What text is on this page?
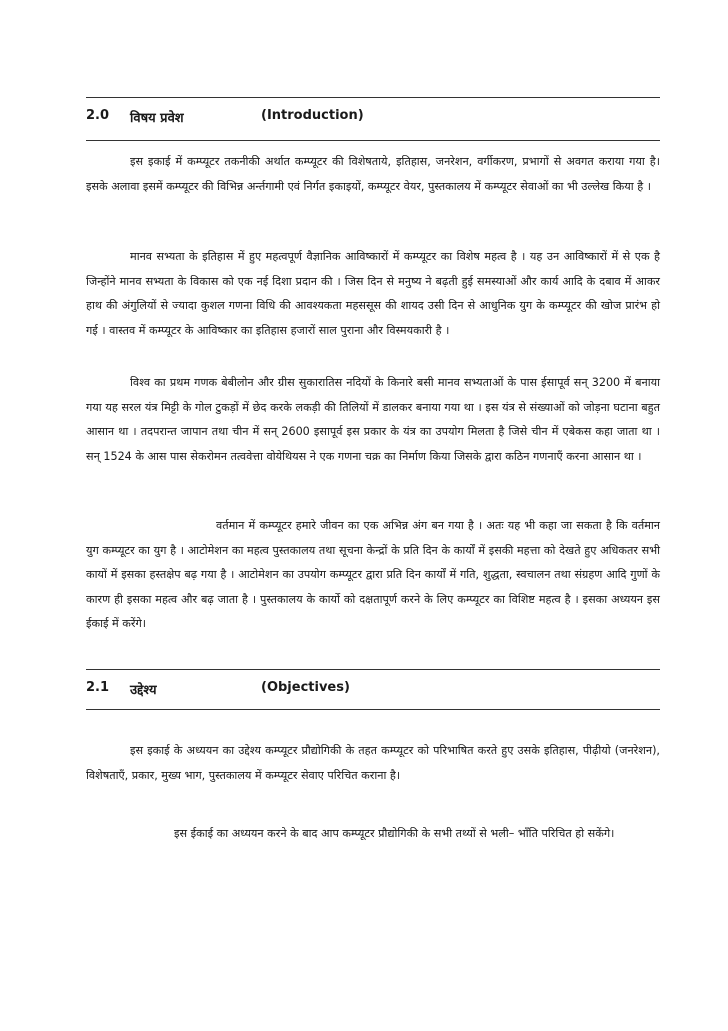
2.0 विषय प्रवेश	(Introduction)

इस इकाई में कम्प्यूटर तकनीकी अर्थात कम्प्यूटर की विशेषताये, इतिहास, जनरेशन, वर्गीकरण, प्रभागों से अवगत कराया गया है। इसके अलावा इसमें कम्प्यूटर की विभिन्न अर्न्तगामी एवं निर्गत इकाइयों, कम्प्यूटर वेयर, पुस्तकालय में कम्प्यूटर सेवाओं का भी उल्लेख किया है ।

मानव सभ्यता के इतिहास में हुए महत्वपूर्ण वैज्ञानिक आविष्कारों में कम्प्यूटर का विशेष महत्व है । यह उन आविष्कारों में से एक है जिन्होंने मानव सभ्यता के विकास को एक नई दिशा प्रदान की । जिस दिन से मनुष्य ने बढ़ती हुई समस्याओं और कार्य आदि के दबाव में आकर हाथ की अंगुलियों से ज्यादा कुशल गणना विधि की आवश्यकता महससूस की शायद उसी दिन से आधुनिक युग के कम्प्यूटर की खोज प्रारंभ हो गई । वास्तव में कम्प्यूटर के आविष्कार का इतिहास हजारों साल पुराना और विस्मयकारी है ।

विश्व का प्रथम गणक बेबीलोन और ग्रीस सुकारातिस नदियों के किनारे बसी मानव सभ्यताओं के पास ईसापूर्व सन् 3200 में बनाया गया यह सरल यंत्र मिट्टी के गोल टुकड़ों में छेद करके लकड़ी की तिलियों में डालकर बनाया गया था । इस यंत्र से संख्याओं को जोड़ना घटाना बहुत आसान था । तदपरान्त जापान तथा चीन में सन् 2600 इसापूर्व इस प्रकार के यंत्र का उपयोग मिलता है जिसे चीन में एबेकस कहा जाता था । सन् 1524 के आस पास सेकरोमन तत्ववेत्ता वोयेथियस ने एक गणना चक्र का निर्माण किया जिसके द्वारा कठिन गणनाएँ करना आसान था ।

वर्तमान में कम्प्यूटर हमारे जीवन का एक अभिन्न अंग बन गया है । अतः यह भी कहा जा सकता है कि वर्तमान युग कम्प्यूटर का युग है । आटोमेशन का महत्व पुस्तकालय तथा सूचना केन्द्रों के प्रति दिन के कार्यों में इसकी महत्ता को देखते हुए अधिकतर सभी कायों में इसका हस्तक्षेप बढ़ गया है । आटोमेशन का उपयोग कम्प्यूटर द्वारा प्रति दिन कार्यों में गति, शुद्धता, स्वचालन तथा संग्रहण आदि गुणों के कारण ही इसका महत्व और बढ़ जाता है । पुस्तकालय के कार्यो को दक्षतापूर्ण करने के लिए कम्प्यूटर का विशिष्ट महत्व है । इसका अध्ययन इस ईकाई में करेंगे।

2.1 उद्देश्य	(Objectives)

इस इकाई के अध्ययन का उद्देश्य कम्प्यूटर प्रौद्योगिकी के तहत कम्प्यूटर को परिभाषित करते हुए उसके इतिहास, पीढ़ीयो (जनरेशन), विशेषताएँ, प्रकार, मुख्य भाग, पुस्तकालय में कम्प्यूटर सेवाए परिचित कराना है।

इस ईकाई का अध्ययन करने के बाद आप कम्प्यूटर प्रौद्योगिकी के सभी तथ्यों से भली– भाँति परिचित हो सकेंगे।
